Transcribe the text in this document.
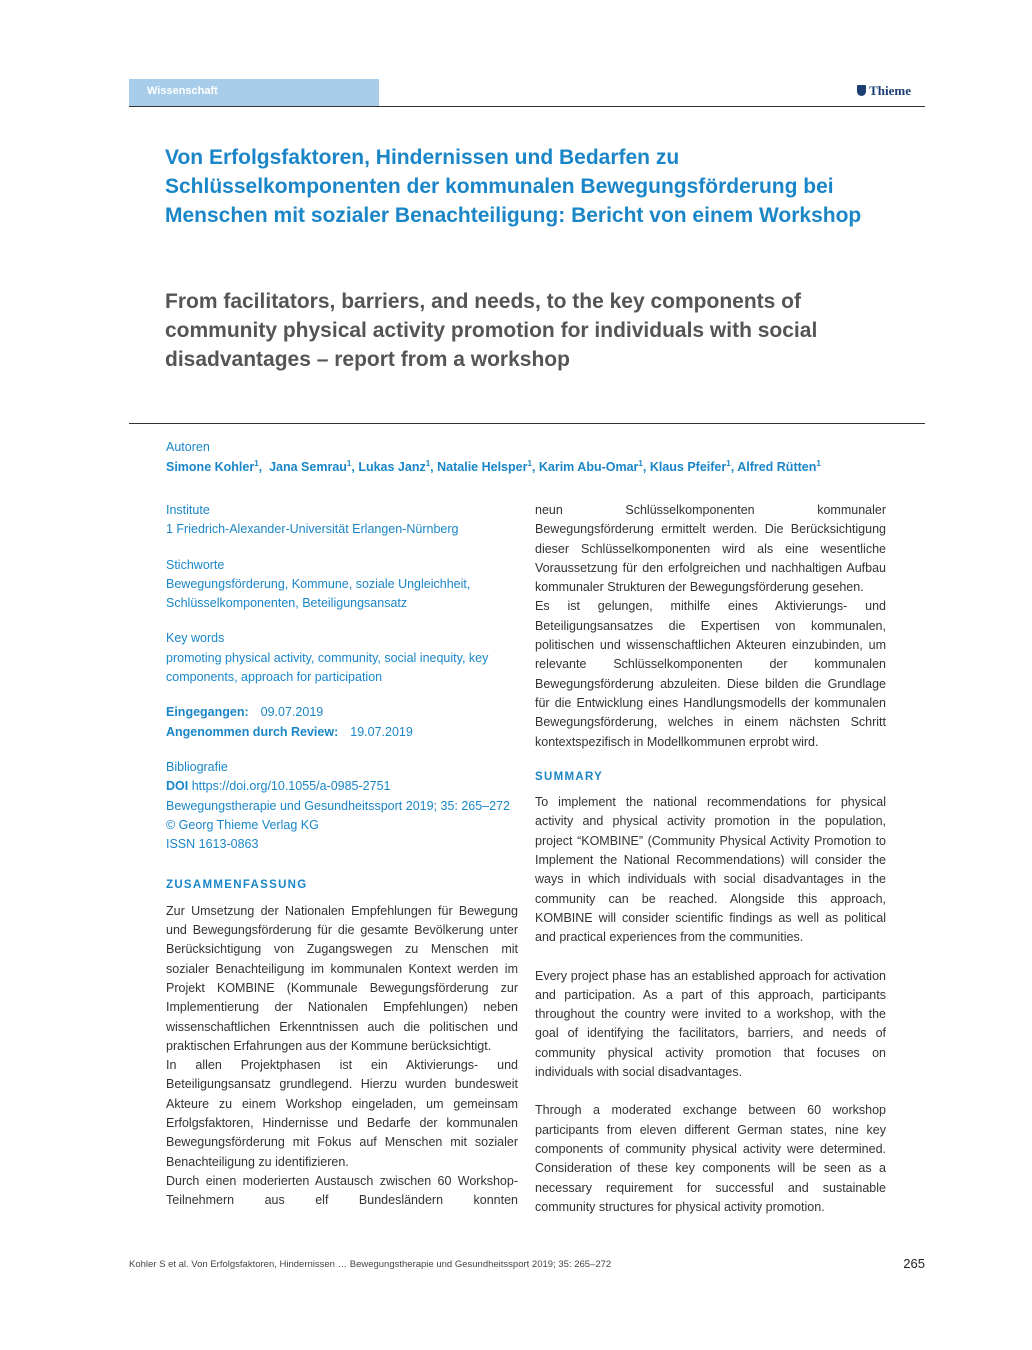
Wissenschaft	Thieme
Von Erfolgsfaktoren, Hindernissen und Bedarfen zu Schlüsselkomponenten der kommunalen Bewegungsförderung bei Menschen mit sozialer Benachteiligung: Bericht von einem Workshop
From facilitators, barriers, and needs, to the key components of community physical activity promotion for individuals with social disadvantages – report from a workshop
Autoren
Simone Kohler$^1$,  Jana Semrau$^1$, Lukas Janz$^1$, Natalie Helsper$^1$, Karim Abu-Omar$^1$, Klaus Pfeifer$^1$, Alfred Rütten$^1$
Institute
1 Friedrich-Alexander-Universität Erlangen-Nürnberg
Stichworte
Bewegungsförderung, Kommune, soziale Ungleichheit, Schlüsselkomponenten, Beteiligungsansatz
Key words
promoting physical activity, community, social inequity, key components, approach for participation
Eingegangen: 09.07.2019
Angenommen durch Review: 19.07.2019
Bibliografie
DOI https://doi.org/10.1055/a-0985-2751
Bewegungstherapie und Gesundheitssport 2019; 35: 265–272
© Georg Thieme Verlag KG
ISSN 1613-0863
ZUSAMMENFASSUNG

Zur Umsetzung der Nationalen Empfehlungen für Bewegung und Bewegungsförderung für die gesamte Bevölkerung unter Berücksichtigung von Zugangswegen zu Menschen mit sozialer Benachteiligung im kommunalen Kontext werden im Projekt KOMBINE (Kommunale Bewegungsförderung zur Implementierung der Nationalen Empfehlungen) neben wissenschaftlichen Erkenntnissen auch die politischen und praktischen Erfahrungen aus der Kommune berücksichtigt.

In allen Projektphasen ist ein Aktivierungs- und Beteiligungsansatz grundlegend. Hierzu wurden bundesweit Akteure zu einem Workshop eingeladen, um gemeinsam Erfolgsfaktoren, Hindernisse und Bedarfe der kommunalen Bewegungsförderung mit Fokus auf Menschen mit sozialer Benachteiligung zu identifizieren.

Durch einen moderierten Austausch zwischen 60 Workshop-Teilnehmern aus elf Bundesländern konnten

neun Schlüsselkomponenten kommunaler Bewegungsförderung ermittelt werden. Die Berücksichtigung dieser Schlüsselkomponenten wird als eine wesentliche Voraussetzung für den erfolgreichen und nachhaltigen Aufbau kommunaler Strukturen der Bewegungsförderung gesehen.

Es ist gelungen, mithilfe eines Aktivierungs- und Beteiligungsansatzes die Expertisen von kommunalen, politischen und wissenschaftlichen Akteuren einzubinden, um relevante Schlüsselkomponenten der kommunalen Bewegungsförderung abzuleiten. Diese bilden die Grundlage für die Entwicklung eines Handlungsmodells der kommunalen Bewegungsförderung, welches in einem nächsten Schritt kontextspezifisch in Modellkommunen erprobt wird.

SUMMARY

To implement the national recommendations for physical activity and physical activity promotion in the population, project “KOMBINE” (Community Physical Activity Promotion to Implement the National Recommendations) will consider the ways in which individuals with social disadvantages in the community can be reached. Alongside this approach, KOMBINE will consider scientific findings as well as political and practical experiences from the communities.

Every project phase has an established approach for activation and participation. As a part of this approach, participants throughout the country were invited to a workshop, with the goal of identifying the facilitators, barriers, and needs of community physical activity promotion that focuses on individuals with social disadvantages.

Through a moderated exchange between 60 workshop participants from eleven different German states, nine key components of community physical activity were determined. Consideration of these key components will be seen as a necessary requirement for successful and sustainable community structures for physical activity promotion.

Kohler S et al. Von Erfolgsfaktoren, Hindernissen … Bewegungstherapie und Gesundheitssport 2019; 35: 265–272	265
